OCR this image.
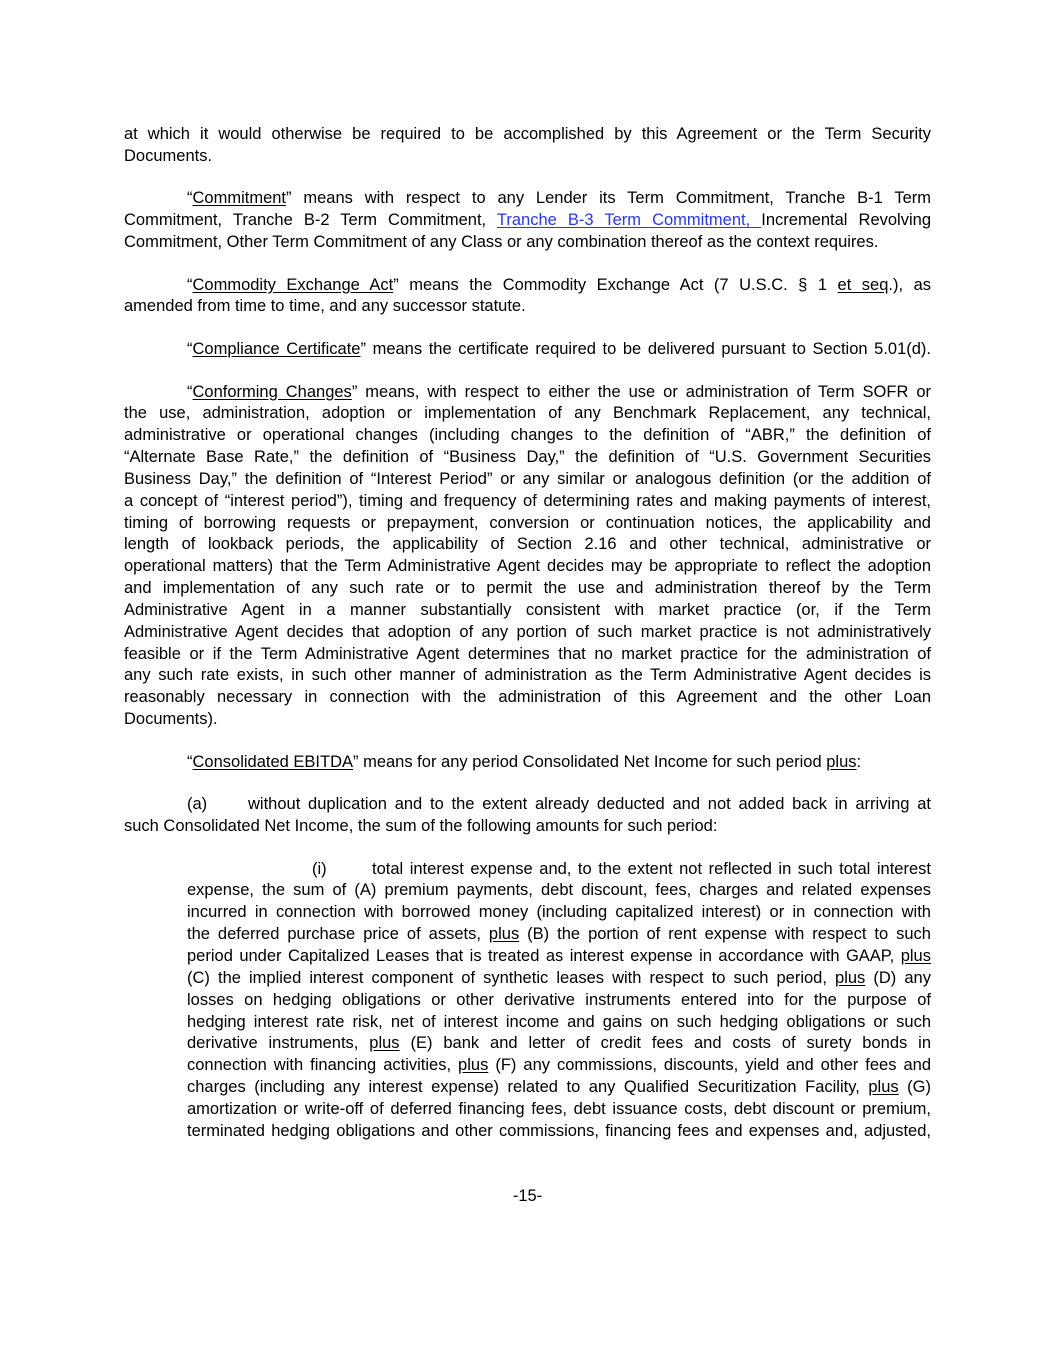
at which it would otherwise be required to be accomplished by this Agreement or the Term Security
Documents.
“Commitment” means with respect to any Lender its Term Commitment, Tranche B-1 Term
Commitment, Tranche B-2 Term Commitment, Tranche B-3 Term Commitment, Incremental Revolving
Commitment, Other Term Commitment of any Class or any combination thereof as the context requires.
“Commodity Exchange Act” means the Commodity Exchange Act (7 U.S.C. § 1 et seq.), as
amended from time to time, and any successor statute.
“Compliance Certificate” means the certificate required to be delivered pursuant to Section 5.01(d).
“Conforming Changes” means, with respect to either the use or administration of Term SOFR or
the use, administration, adoption or implementation of any Benchmark Replacement, any technical,
administrative or operational changes (including changes to the definition of “ABR,” the definition of
“Alternate Base Rate,” the definition of “Business Day,” the definition of “U.S. Government Securities
Business Day,” the definition of “Interest Period” or any similar or analogous definition (or the addition of
a concept of “interest period”), timing and frequency of determining rates and making payments of interest,
timing of borrowing requests or prepayment, conversion or continuation notices, the applicability and
length of lookback periods, the applicability of Section 2.16 and other technical, administrative or
operational matters) that the Term Administrative Agent decides may be appropriate to reflect the adoption
and implementation of any such rate or to permit the use and administration thereof by the Term
Administrative Agent in a manner substantially consistent with market practice (or, if the Term
Administrative Agent decides that adoption of any portion of such market practice is not administratively
feasible or if the Term Administrative Agent determines that no market practice for the administration of
any such rate exists, in such other manner of administration as the Term Administrative Agent decides is
reasonably necessary in connection with the administration of this Agreement and the other Loan
Documents).
“Consolidated EBITDA” means for any period Consolidated Net Income for such period plus:
(a) without duplication and to the extent already deducted and not added back in arriving at
such Consolidated Net Income, the sum of the following amounts for such period:
(i)	total interest expense and, to the extent not reflected in such total interest
expense, the sum of (A) premium payments, debt discount, fees, charges and related expenses
incurred in connection with borrowed money (including capitalized interest) or in connection with
the deferred purchase price of assets, plus (B) the portion of rent expense with respect to such
period under Capitalized Leases that is treated as interest expense in accordance with GAAP, plus
(C) the implied interest component of synthetic leases with respect to such period, plus (D) any
losses on hedging obligations or other derivative instruments entered into for the purpose of
hedging interest rate risk, net of interest income and gains on such hedging obligations or such
derivative instruments, plus (E) bank and letter of credit fees and costs of surety bonds in
connection with financing activities, plus (F) any commissions, discounts, yield and other fees and
charges (including any interest expense) related to any Qualified Securitization Facility, plus (G)
amortization or write-off of deferred financing fees, debt issuance costs, debt discount or premium,
terminated hedging obligations and other commissions, financing fees and expenses and, adjusted,
-15-
